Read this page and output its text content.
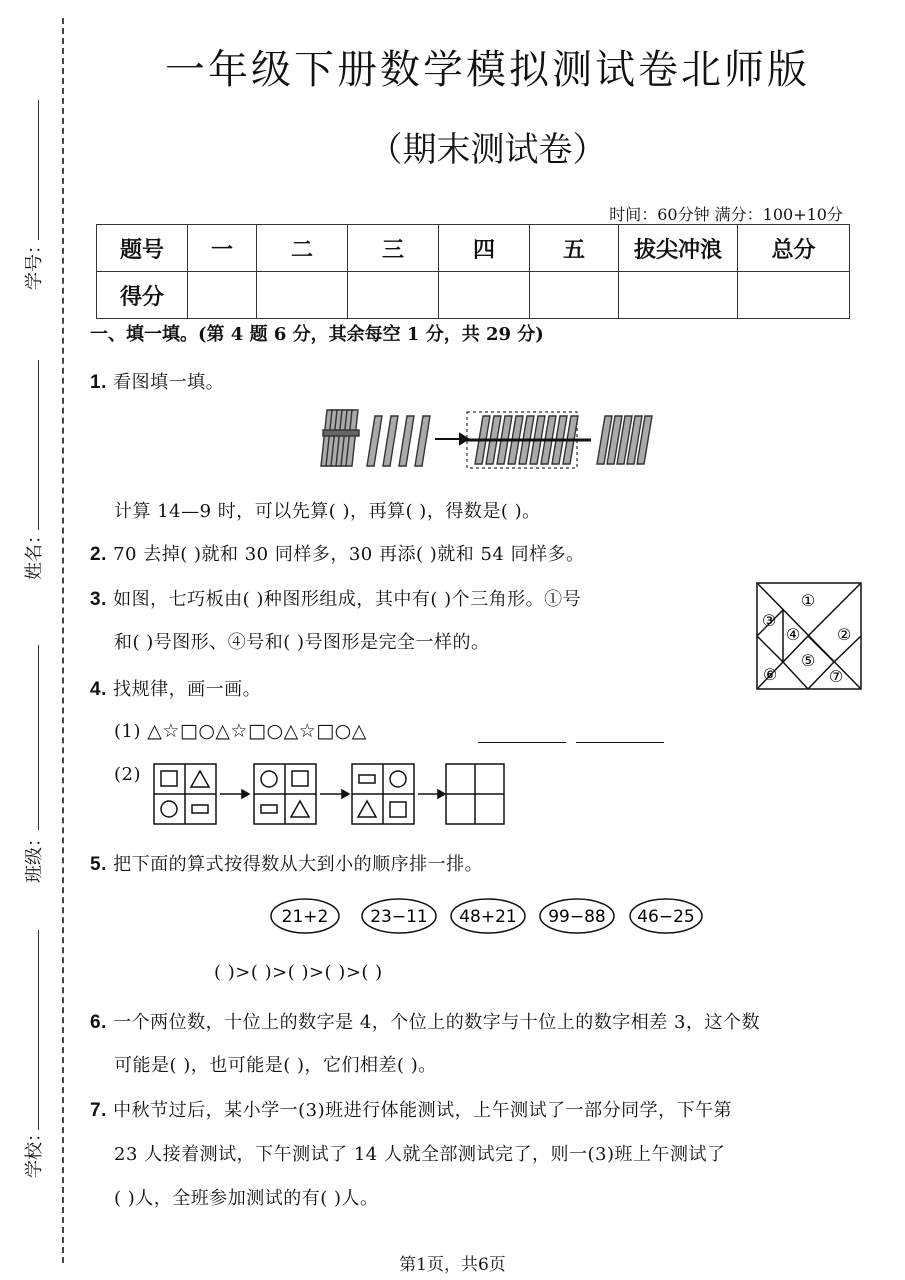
学号：
姓名：
班级：
学校：
一年级下册数学模拟测试卷北师版
（期末测试卷）
时间：60分钟 满分：100+10分
题号	一	二	三	四	五	拔尖冲浪	总分
得分							
一、填一填。(第 4 题 6 分，其余每空 1 分，共 29 分)
1. 看图填一填。
计算 14—9 时，可以先算( )，再算( )，得数是( )。
2. 70 去掉( )就和 30 同样多，30 再添( )就和 54 同样多。
3. 如图，七巧板由( )种图形组成，其中有( )个三角形。①号
和( )号图形、④号和( )号图形是完全一样的。
①
②
③
④
⑤
⑥	⑦
4. 找规律，画一画。
(1) △☆□○△☆□○△☆□○△
(2)
5. 把下面的算式按得数从大到小的顺序排一排。
21+2 23−11 48+21 99−88 46−25
( )>( )>( )>( )>( )
6. 一个两位数，十位上的数字是 4，个位上的数字与十位上的数字相差 3，这个数
可能是( )，也可能是( )，它们相差( )。
7. 中秋节过后，某小学一(3)班进行体能测试，上午测试了一部分同学，下午第
23 人接着测试，下午测试了 14 人就全部测试完了，则一(3)班上午测试了
( )人，全班参加测试的有( )人。
第1页，共6页
